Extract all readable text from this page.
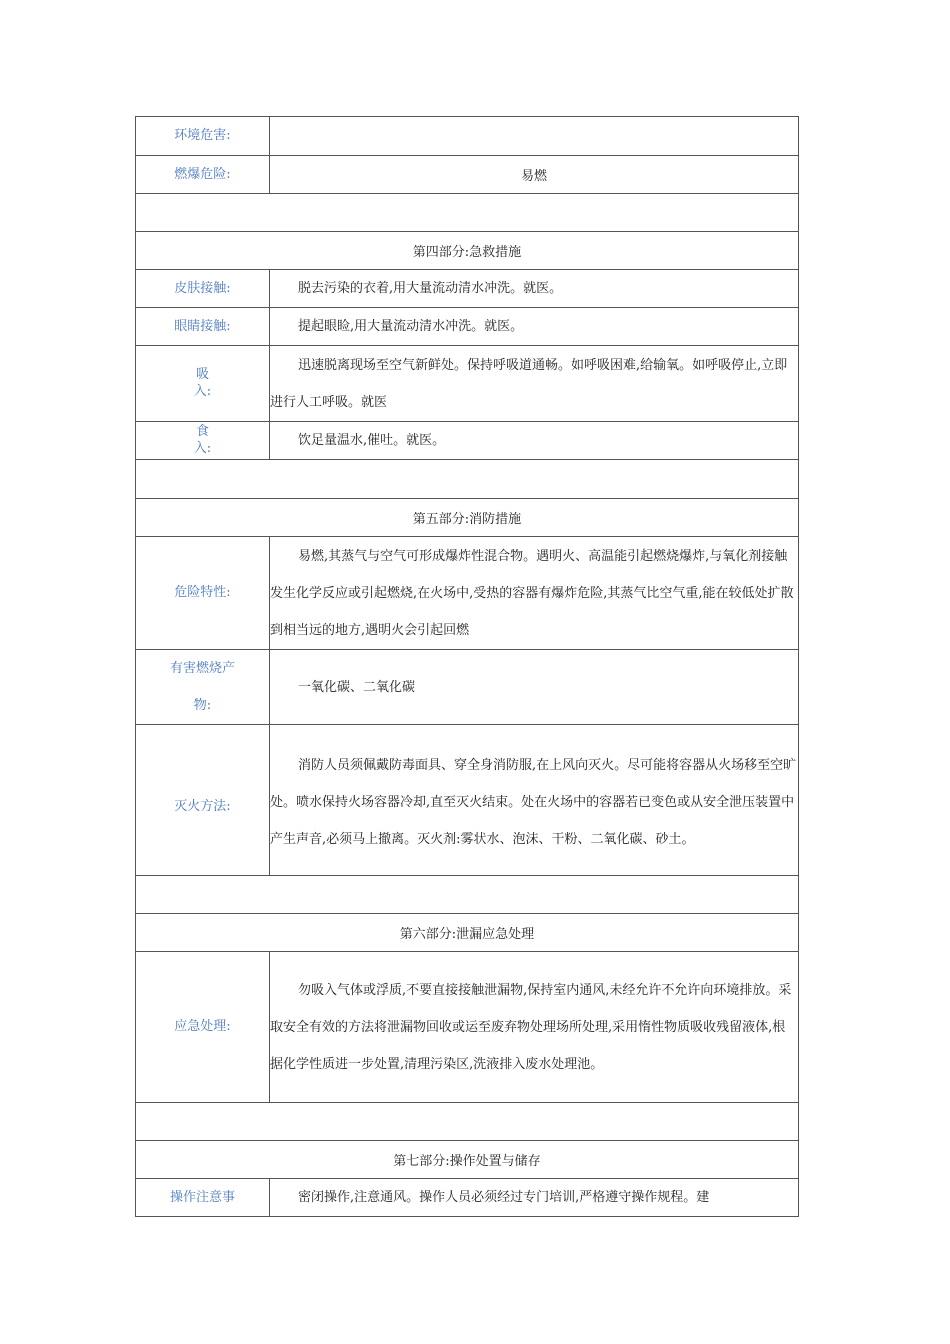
环境危害:	
燃爆危险:	易燃

第四部分:急救措施	
皮肤接触:	脱去污染的衣着,用大量流动清水冲洗。就医。
眼睛接触:	提起眼睑,用大量流动清水冲洗。就医。
吸入:	迅速脱离现场至空气新鲜处。保持呼吸道通畅。如呼吸困难,给输氧。如呼吸停止,立即进行人工呼吸。就医
食入:	饮足量温水,催吐。就医。

第五部分:消防措施	
危险特性:	易燃,其蒸气与空气可形成爆炸性混合物。遇明火、高温能引起燃烧爆炸,与氧化剂接触发生化学反应或引起燃烧,在火场中,受热的容器有爆炸危险,其蒸气比空气重,能在较低处扩散到相当远的地方,遇明火会引起回燃
有害燃烧产物:	一氧化碳、二氧化碳
灭火方法:	消防人员须佩戴防毒面具、穿全身消防服,在上风向灭火。尽可能将容器从火场移至空旷处。喷水保持火场容器冷却,直至灭火结束。处在火场中的容器若已变色或从安全泄压装置中产生声音,必须马上撤离。灭火剂:雾状水、泡沫、干粉、二氧化碳、砂土。

第六部分:泄漏应急处理	
应急处理:	勿吸入气体或浮质,不要直接接触泄漏物,保持室内通风,未经允许不允许向环境排放。采取安全有效的方法将泄漏物回收或运至废弃物处理场所处理,采用惰性物质吸收残留液体,根据化学性质进一步处置,清理污染区,洗液排入废水处理池。

第七部分:操作处置与储存	
操作注意事	密闭操作,注意通风。操作人员必须经过专门培训,严格遵守操作规程。建
